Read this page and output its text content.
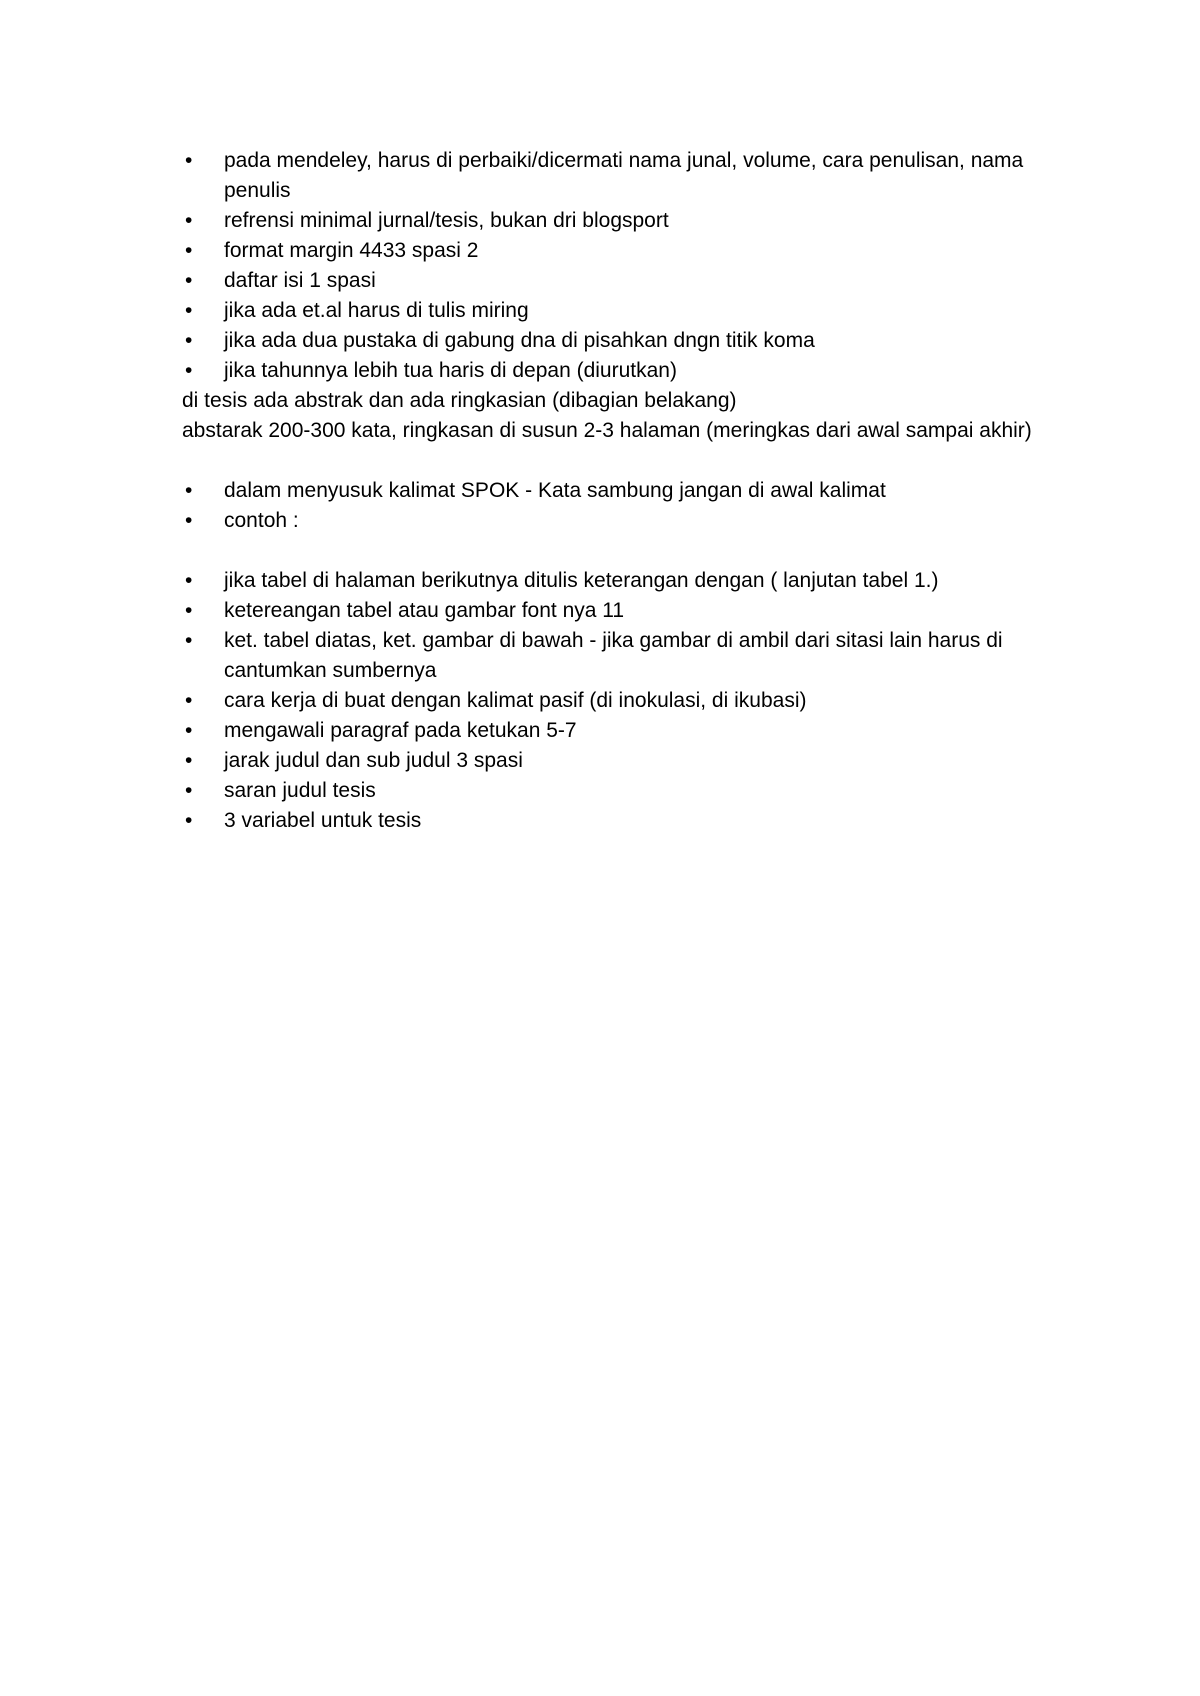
•	pada mendeley, harus di perbaiki/dicermati nama junal, volume, cara penulisan, nama penulis
•	refrensi minimal jurnal/tesis, bukan dri blogsport
•	format margin 4433 spasi 2
•	daftar isi 1 spasi
•	jika ada et.al harus di tulis miring
•	jika ada dua pustaka di gabung dna di pisahkan dngn titik koma
•	jika tahunnya lebih tua haris di depan (diurutkan)

di tesis ada abstrak dan ada ringkasian (dibagian belakang)

abstarak 200-300 kata, ringkasan di susun 2-3 halaman (meringkas dari awal sampai akhir)

•	dalam menyusuk kalimat SPOK - Kata sambung jangan di awal kalimat
•	contoh :
•	jika tabel di halaman berikutnya ditulis keterangan dengan ( lanjutan tabel 1.)
•	ketereangan tabel atau gambar font nya 11
•	ket. tabel diatas, ket. gambar di bawah - jika gambar di ambil dari sitasi lain harus di cantumkan sumbernya
•	cara kerja di buat dengan kalimat pasif (di inokulasi, di ikubasi)
•	mengawali paragraf pada ketukan 5-7
•	jarak judul dan sub judul 3 spasi
•	saran judul tesis
•	3 variabel untuk tesis
